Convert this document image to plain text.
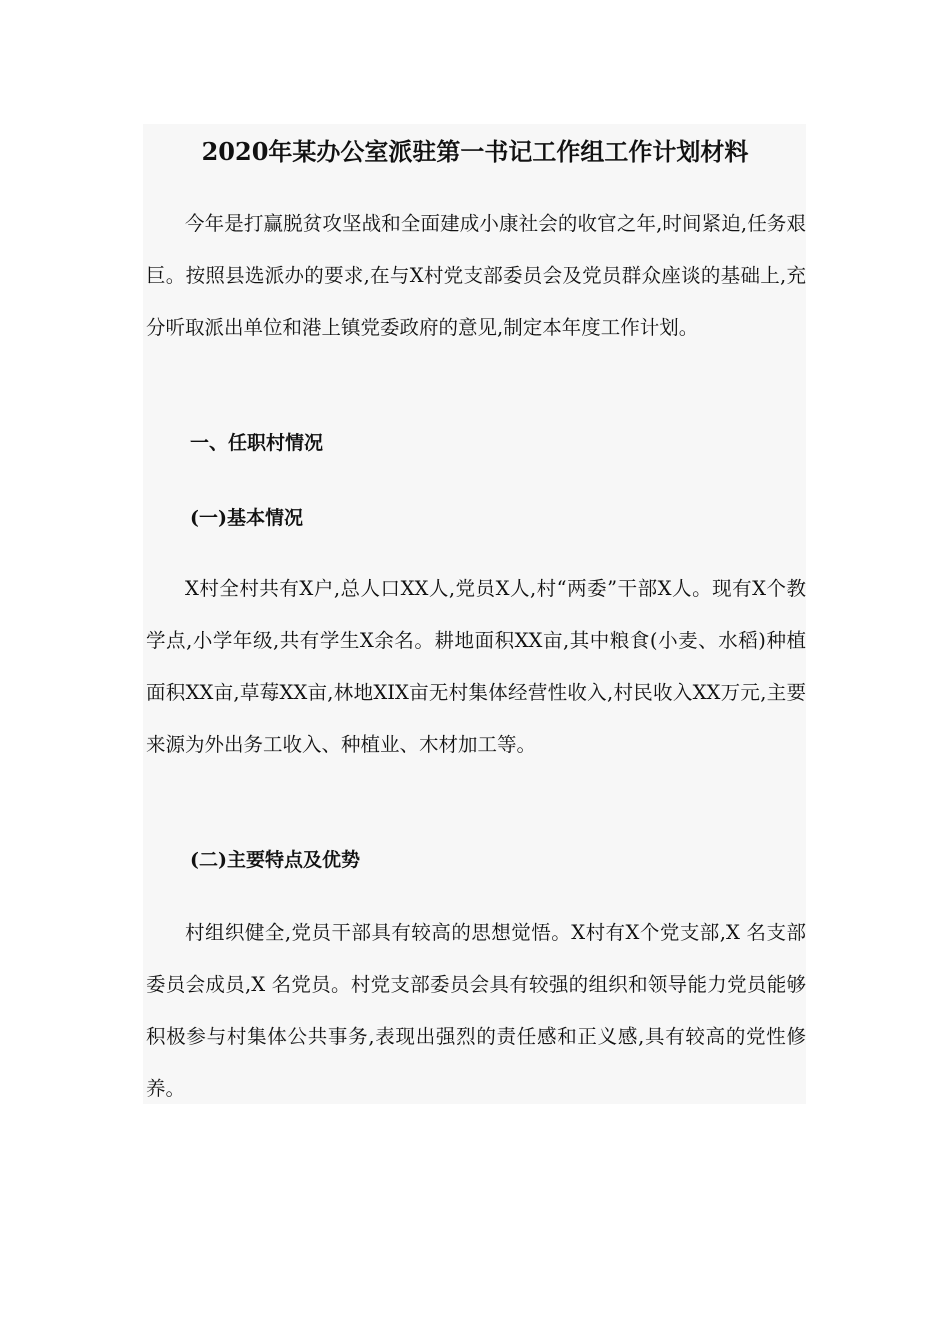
2020年某办公室派驻第一书记工作组工作计划材料

今年是打赢脱贫攻坚战和全面建成小康社会的收官之年,时间紧迫,任务艰巨。按照县选派办的要求,在与X村党支部委员会及党员群众座谈的基础上,充分听取派出单位和港上镇党委政府的意见,制定本年度工作计划。

一、任职村情况
(一)基本情况

X村全村共有X户,总人口XX人,党员X人,村“两委”干部X人。现有X个教学点,小学年级,共有学生X余名。耕地面积XX亩,其中粮食(小麦、水稻)种植面积XX亩,草莓XX亩,林地XIX亩无村集体经营性收入,村民收入XX万元,主要来源为外出务工收入、种植业、木材加工等。

(二)主要特点及优势

村组织健全,党员干部具有较高的思想觉悟。X村有X个党支部,X 名支部委员会成员,X 名党员。村党支部委员会具有较强的组织和领导能力党员能够积极参与村集体公共事务,表现出强烈的责任感和正义感,具有较高的党性修养。
